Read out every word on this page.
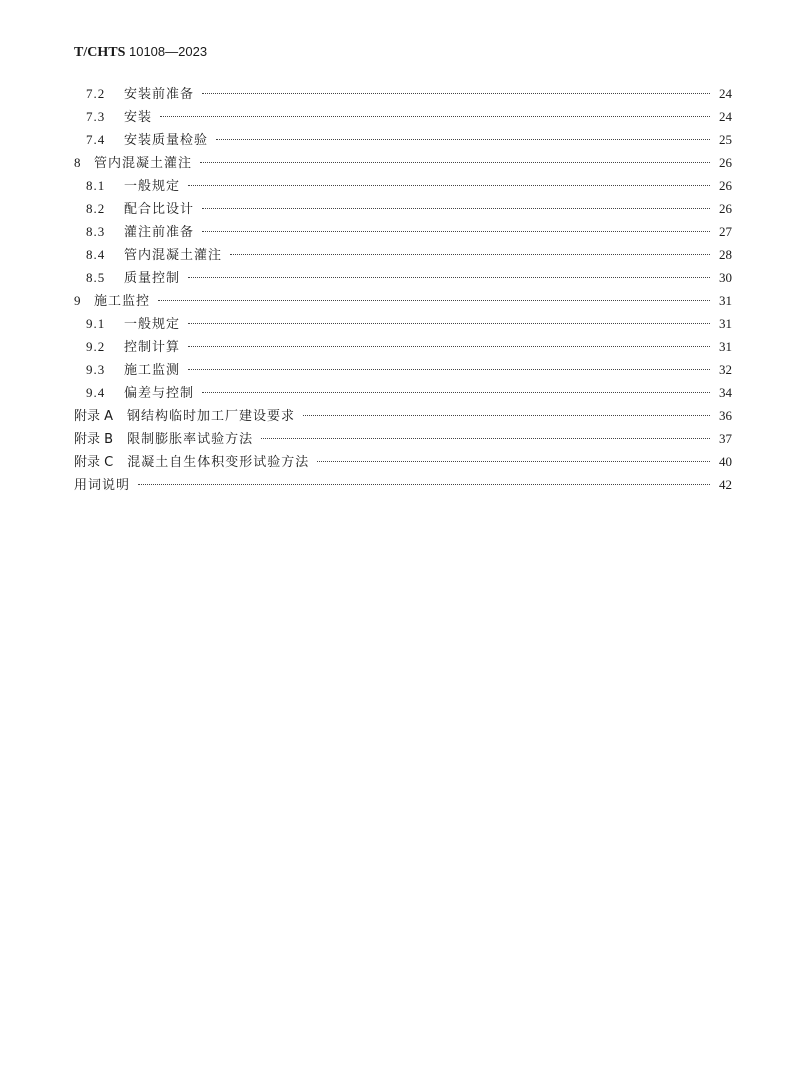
T/CHTS 10108—2023
7.2	安装前准备	24
7.3	安装	24
7.4	安装质量检验	25
8 管内混凝土灌注	26
8.1	一般规定	26
8.2	配合比设计	26
8.3	灌注前准备	27
8.4	管内混凝土灌注	28
8.5	质量控制	30
9 施工监控	31
9.1	一般规定	31
9.2	控制计算	31
9.3	施工监测	32
9.4	偏差与控制	34
附录 A 钢结构临时加工厂建设要求	36
附录 B 限制膨胀率试验方法	37
附录 C 混凝土自生体积变形试验方法	40
用词说明	42
